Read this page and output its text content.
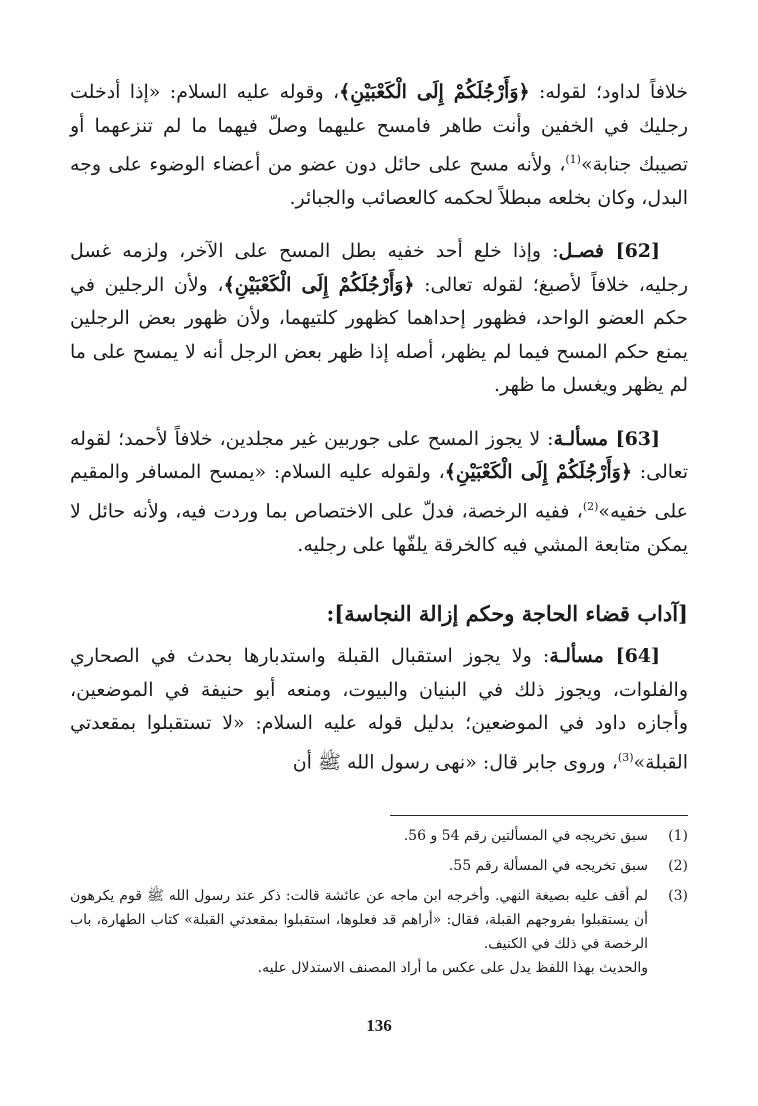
خلافاً لداود؛ لقوله: ﴿وَأَرْجُلَكُمْ إِلَى الْكَعْبَيْنِ﴾، وقوله عليه السلام: «إذا أدخلت رجليك في الخفين وأنت طاهر فامسح عليهما وصلّ فيهما ما لم تنزعهما أو تصيبك جنابة»$^{(1)}$، ولأنه مسح على حائل دون عضو من أعضاء الوضوء على وجه البدل، وكان بخلعه مبطلاً لحكمه كالعصائب والجبائر.

[62] فصـل: وإذا خلع أحد خفيه بطل المسح على الآخر، ولزمه غسل رجليه، خلافاً لأصبغ؛ لقوله تعالى: ﴿وَأَرْجُلَكُمْ إِلَى الْكَعْبَيْنِ﴾، ولأن الرجلين في حكم العضو الواحد، فظهور إحداهما كظهور كلتيهما، ولأن ظهور بعض الرجلين يمنع حكم المسح فيما لم يظهر، أصله إذا ظهر بعض الرجل أنه لا يمسح على ما لم يظهر ويغسل ما ظهر.

[63] مسألـة: لا يجوز المسح على جوربين غير مجلدين، خلافاً لأحمد؛ لقوله تعالى: ﴿وَأَرْجُلَكُمْ إِلَى الْكَعْبَيْنِ﴾، ولقوله عليه السلام: «يمسح المسافر والمقيم على خفيه»$^{(2)}$، ففيه الرخصة، فدلّ على الاختصاص بما وردت فيه، ولأنه حائل لا يمكن متابعة المشي فيه كالخرقة يلفّها على رجليه.

[آداب قضاء الحاجة وحكم إزالة النجاسة]:

[64] مسألـة: ولا يجوز استقبال القبلة واستدبارها بحدث في الصحاري والفلوات، ويجوز ذلك في البنيان والبيوت، ومنعه أبو حنيفة في الموضعين، وأجازه داود في الموضعين؛ بدليل قوله عليه السلام: «لا تستقبلوا بمقعدتي القبلة»$^{(3)}$، وروى جابر قال: «نهى رسول الله ﷺ أن

(1)
سبق تخريجه في المسألتين رقم 54 و 56.
(2)
سبق تخريجه في المسألة رقم 55.
(3)
لم أقف عليه بصيغة النهي. وأخرجه ابن ماجه عن عائشة قالت: ذكر عند رسول الله ﷺ قوم يكرهون أن يستقبلوا بفروجهم القبلة، فقال: «أراهم قد فعلوها، استقبلوا بمقعدتي القبلة» كتاب الطهارة، باب الرخصة في ذلك في الكنيف.
والحديث بهذا اللفظ يدل على عكس ما أراد المصنف الاستدلال عليه.
136
